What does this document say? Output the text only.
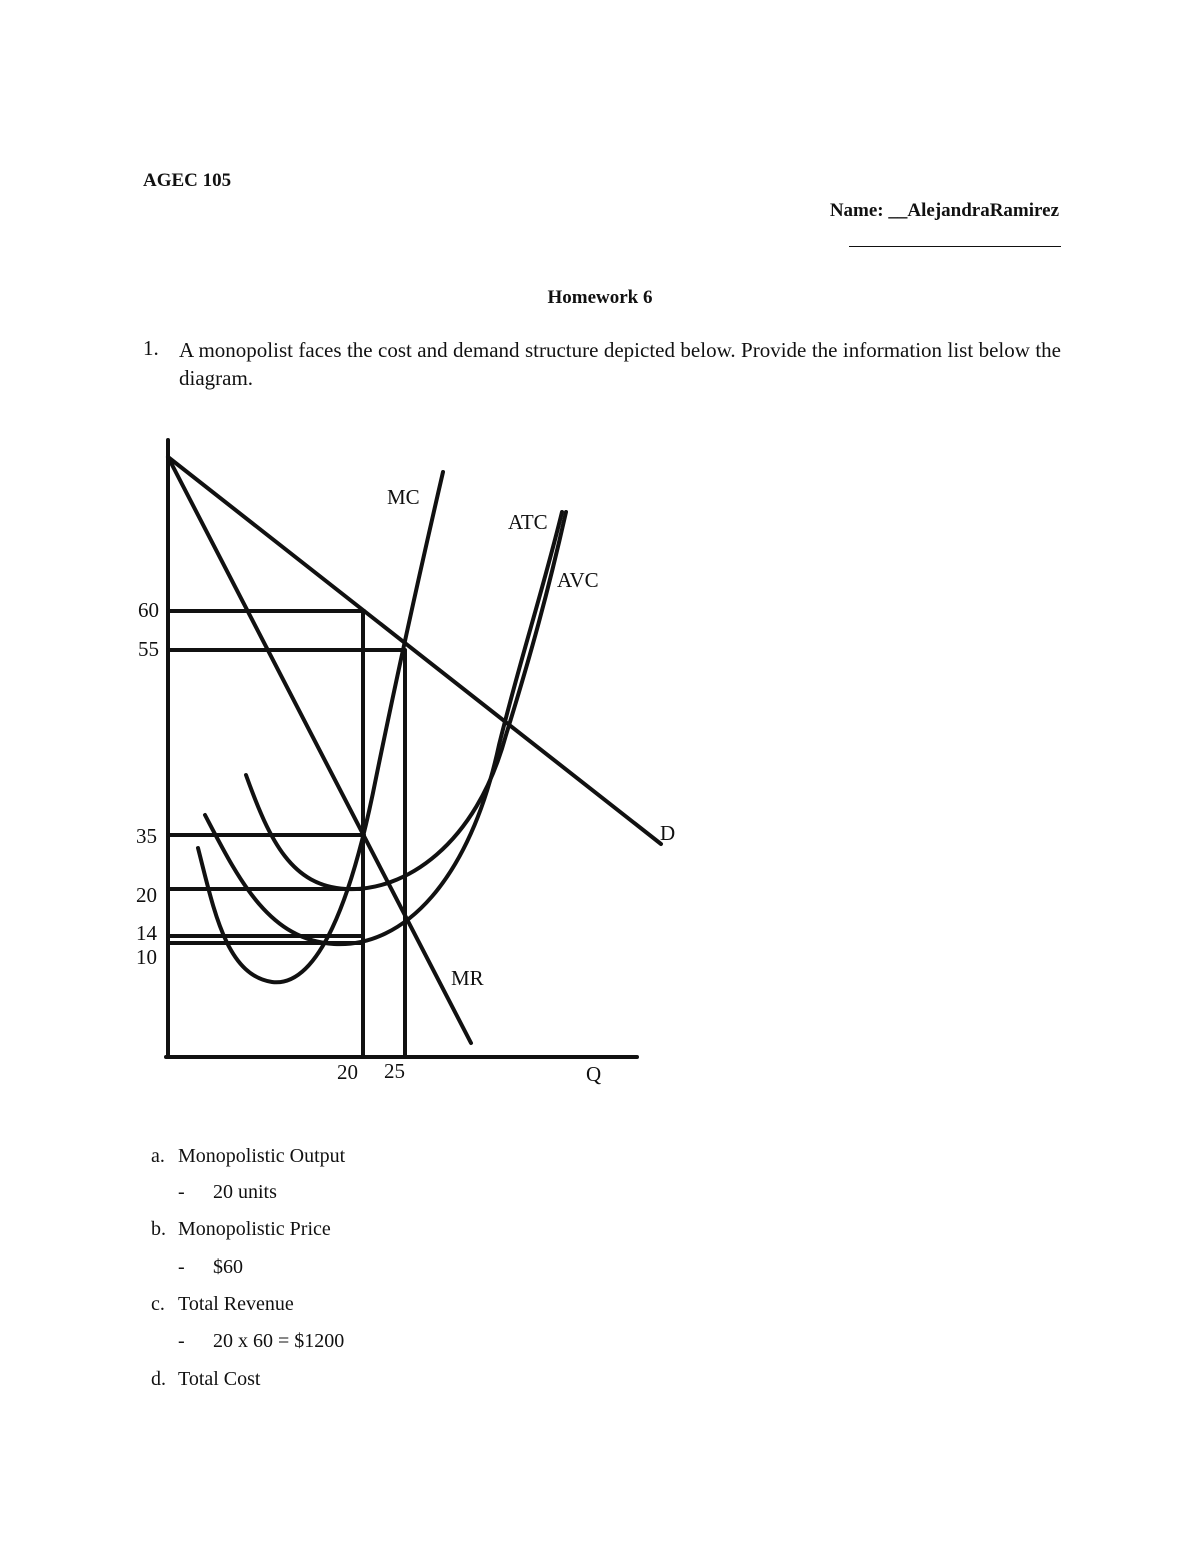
AGEC 105
Name: __AlejandraRamirez
Homework 6
1. A monopolist faces the cost and demand structure depicted below. Provide the information list below the diagram.
MC
ATC
AVC
D
MR
60
55
35
20
14
10
20 25	Q
a. Monopolistic Output
- 20 units
b. Monopolistic Price
- $60
c. Total Revenue
- 20 x 60 = $1200
d. Total Cost
